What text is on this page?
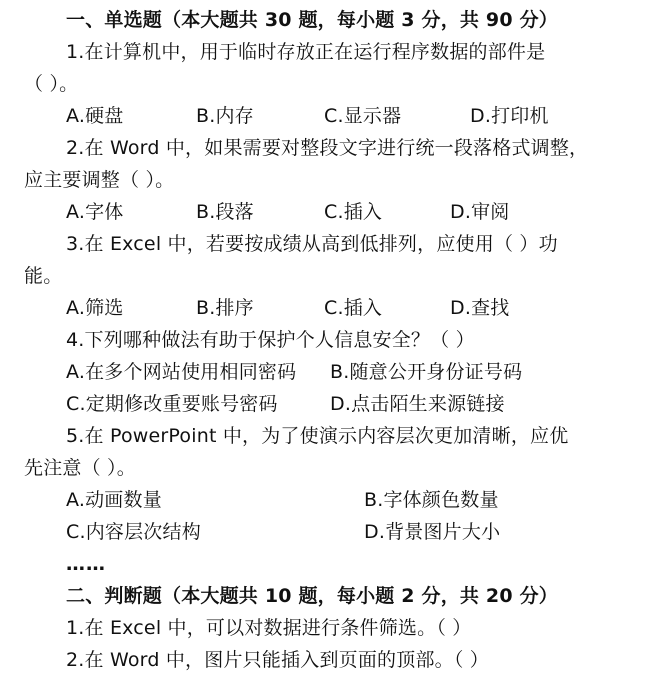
一、单选题（本大题共 30 题，每小题 3 分，共 90 分）
1.在计算机中，用于临时存放正在运行程序数据的部件是
（ ）。
A.硬盘	B.内存	C.显示器	D.打印机
2.在 Word 中，如果需要对整段文字进行统一段落格式调整，
应主要调整（ ）。
A.字体	B.段落	C.插入	D.审阅
3.在 Excel 中，若要按成绩从高到低排列，应使用（ ）功
能。
A.筛选	B.排序	C.插入	D.查找
4.下列哪种做法有助于保护个人信息安全？（ ）
A.在多个网站使用相同密码 B.随意公开身份证号码
C.定期修改重要账号密码	D.点击陌生来源链接
5.在 PowerPoint 中，为了使演示内容层次更加清晰，应优
先注意（ ）。
A.动画数量	B.字体颜色数量
C.内容层次结构	D.背景图片大小
……
二、判断题（本大题共 10 题，每小题 2 分，共 20 分）
1.在 Excel 中，可以对数据进行条件筛选。（ ）
2.在 Word 中，图片只能插入到页面的顶部。（ ）
